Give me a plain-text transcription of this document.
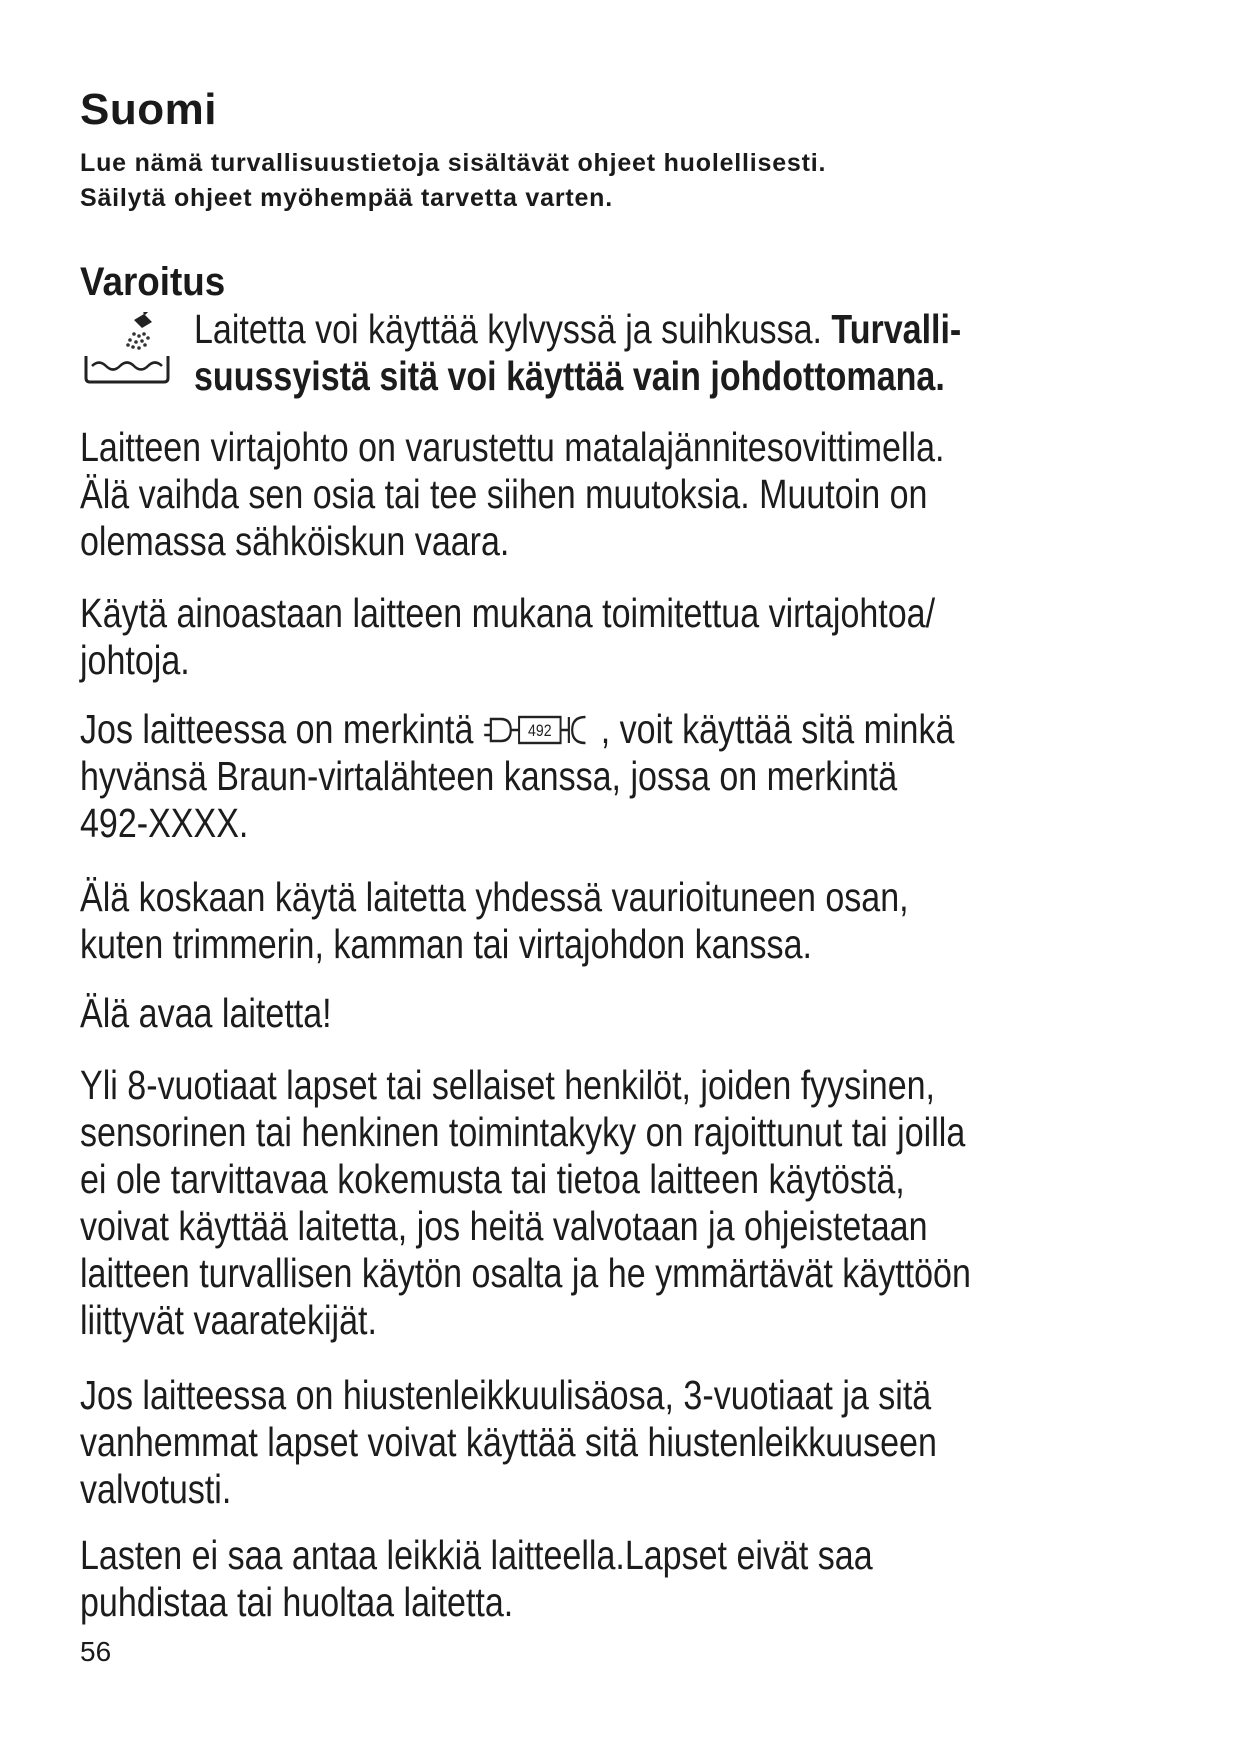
Suomi
Lue nämä turvallisuustietoja sisältävät ohjeet huolellisesti.
Säilytä ohjeet myöhempää tarvetta varten.
Varoitus
Laitetta voi käyttää kylvyssä ja suihkussa. Turvalli-
suussyistä sitä voi käyttää vain johdottomana.
Laitteen virtajohto on varustettu matalajännitesovittimella.
Älä vaihda sen osia tai tee siihen muutoksia. Muutoin on
olemassa sähköiskun vaara.
Käytä ainoastaan laitteen mukana toimitettua virtajohtoa/
johtoja.
Jos laitteessa on merkintä	492 , voit käyttää sitä minkä
hyvänsä Braun-virtalähteen kanssa, jossa on merkintä
492-XXXX.
Älä koskaan käytä laitetta yhdessä vaurioituneen osan,
kuten trimmerin, kamman tai virtajohdon kanssa.
Älä avaa laitetta!
Yli 8-vuotiaat lapset tai sellaiset henkilöt, joiden fyysinen,
sensorinen tai henkinen toimintakyky on rajoittunut tai joilla
ei ole tarvittavaa kokemusta tai tietoa laitteen käytöstä,
voivat käyttää laitetta, jos heitä valvotaan ja ohjeistetaan
laitteen turvallisen käytön osalta ja he ymmärtävät käyttöön
liittyvät vaaratekijät.
Jos laitteessa on hiustenleikkuulisäosa, 3-vuotiaat ja sitä
vanhemmat lapset voivat käyttää sitä hiustenleikkuuseen
valvotusti.
Lasten ei saa antaa leikkiä laitteella.Lapset eivät saa
puhdistaa tai huoltaa laitetta.
56
